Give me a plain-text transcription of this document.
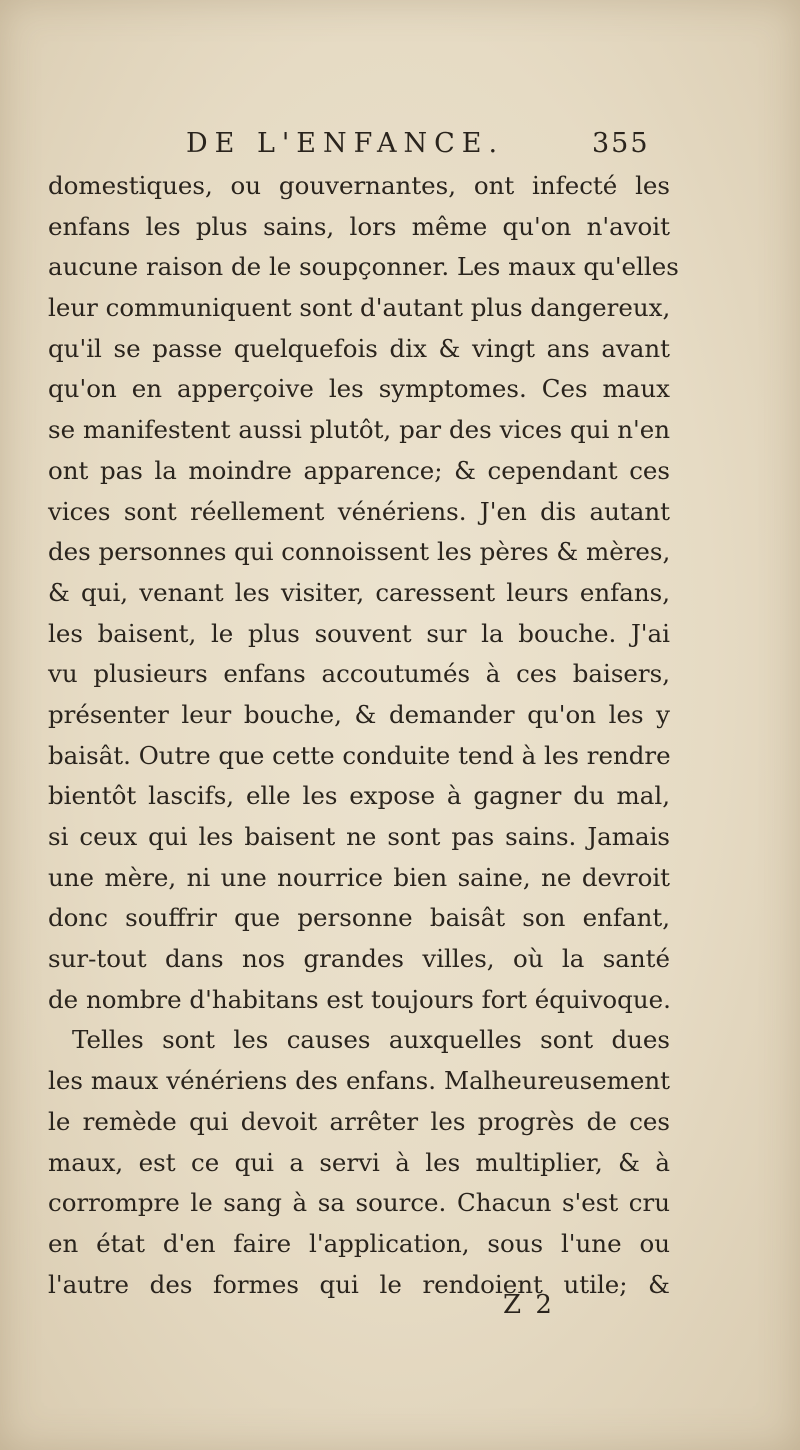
DE L'ENFANCE.	355
domestiques, ou gouvernantes, ont infecté les
enfans les plus sains, lors même qu'on n'avoit
aucune raison de le soupçonner. Les maux qu'elles
leur communiquent sont d'autant plus dangereux,
qu'il se passe quelquefois dix & vingt ans avant
qu'on en apperçoive les symptomes. Ces maux
se manifestent aussi plutôt, par des vices qui n'en
ont pas la moindre apparence; & cependant ces
vices sont réellement vénériens. J'en dis autant
des personnes qui connoissent les pères & mères,
& qui, venant les visiter, caressent leurs enfans,
les baisent, le plus souvent sur la bouche. J'ai
vu plusieurs enfans accoutumés à ces baisers,
présenter leur bouche, & demander qu'on les y
baisât. Outre que cette conduite tend à les rendre
bientôt lascifs, elle les expose à gagner du mal,
si ceux qui les baisent ne sont pas sains. Jamais
une mère, ni une nourrice bien saine, ne devroit
donc souffrir que personne baisât son enfant,
sur-tout dans nos grandes villes, où la santé
de nombre d'habitans est toujours fort équivoque.
Telles sont les causes auxquelles sont dues
les maux vénériens des enfans. Malheureusement
le remède qui devoit arrêter les progrès de ces
maux, est ce qui a servi à les multiplier, & à
corrompre le sang à sa source. Chacun s'est cru
en état d'en faire l'application, sous l'une ou
l'autre des formes qui le rendoient utile; &
Z 2
